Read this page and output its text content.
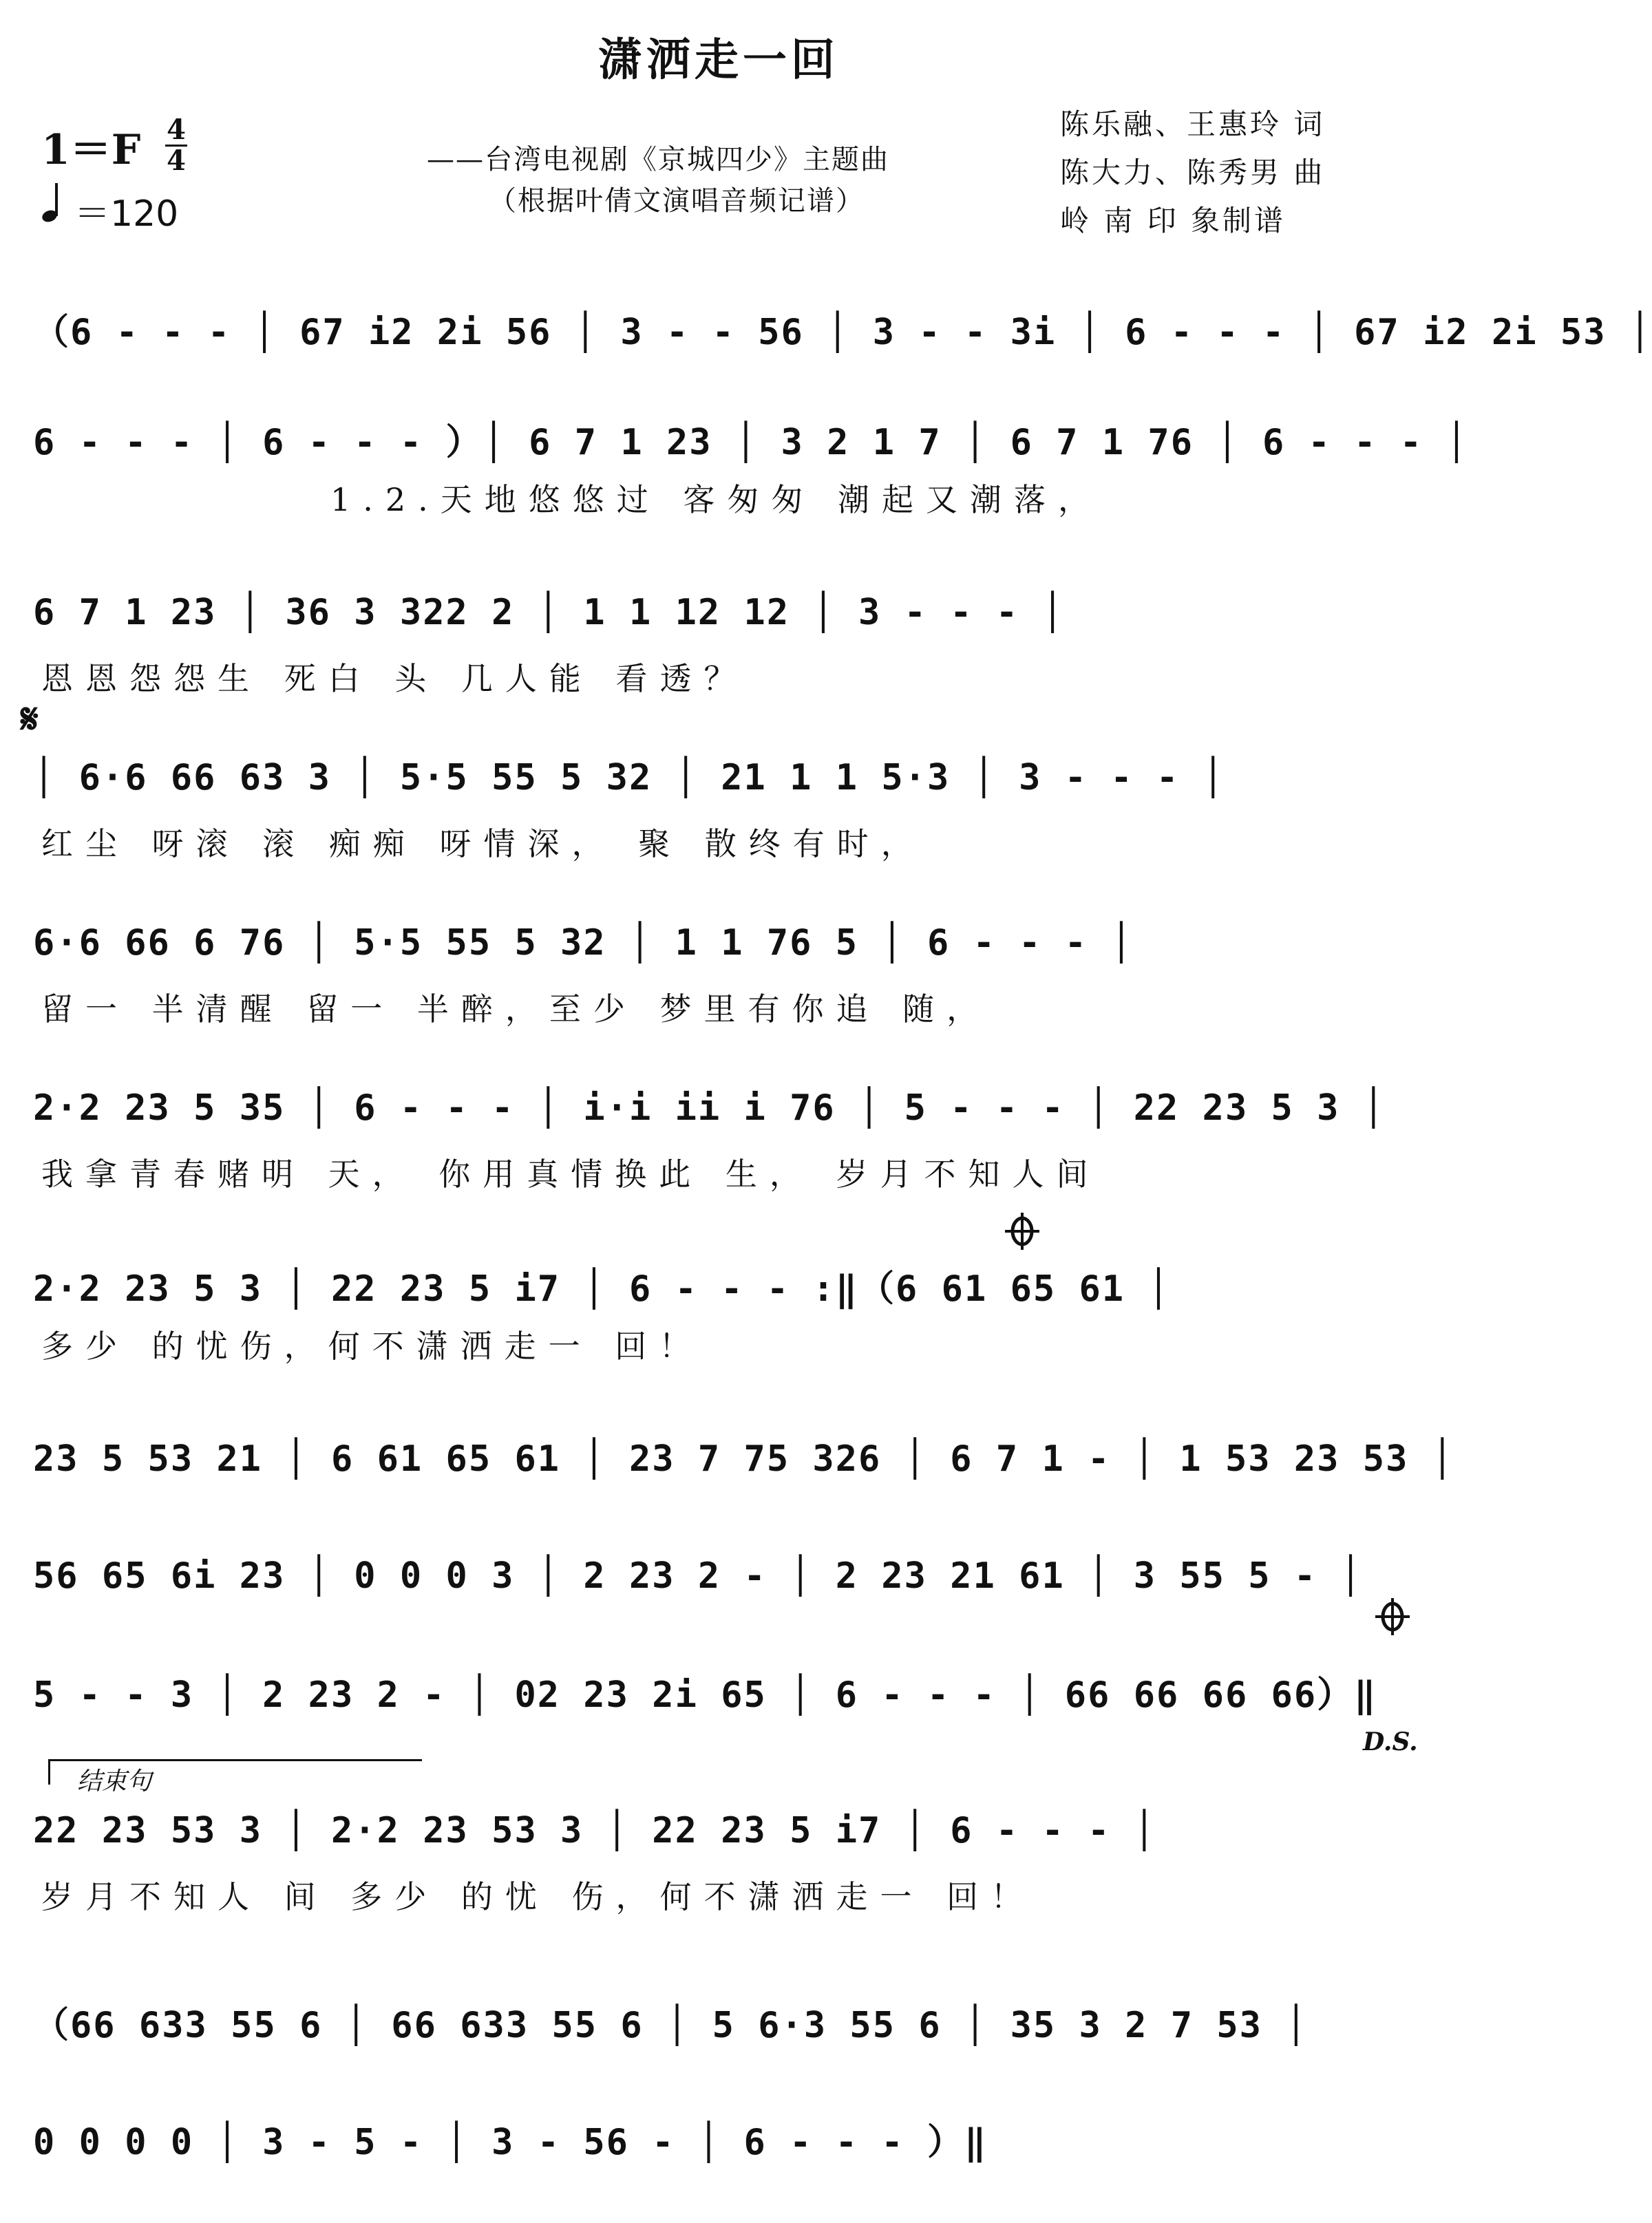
潇洒走一回
1＝F 4
4
＝120
——台湾电视剧《京城四少》主题曲
（根据叶倩文演唱音频记谱）
陈乐融、王惠玲 词
陈大力、陈秀男 曲
岭 南 印 象制谱
（6 - - - │ 67 i2 2i 56 │ 3 - - 56 │ 3 - - 3i │ 6 - - - │ 67 i2 2i 53 │
6 - - - │ 6 - - - ）│ 6 7 1 23 │ 3 2 1 7 │ 6 7 1 76 │ 6 - - - │
1.2.天地悠悠过 客匆匆 潮起又潮落，
6 7 1 23 │ 36 3 322 2 │ 1 1 12 12 │ 3 - - - │
恩恩怨怨生 死白 头 几人能 看透？
𝄋
│ 6·6 66 63 3 │ 5·5 55 5 32 │ 21 1 1 5·3 │ 3 - - - │
红尘 呀滚 滚 痴痴 呀情深， 聚 散终有时，
6·6 66 6 76 │ 5·5 55 5 32 │ 1 1 76 5 │ 6 - - - │
留一 半清醒 留一 半醉，至少 梦里有你追 随，
2·2 23 5 35 │ 6 - - - │ i·i ii i 76 │ 5 - - - │ 22 23 5 3 │
我拿青春赌明 天， 你用真情换此 生， 岁月不知人间
2·2 23 5 3 │ 22 23 5 i7 │ 6 - - - :‖（6 61 65 61 │
多少 的忧伤，何不潇洒走一 回！
23 5 53 21 │ 6 61 65 61 │ 23 7 75 326 │ 6 7 1 - │ 1 53 23 53 │
56 65 6i 23 │ 0 0 0 3 │ 2 23 2 - │ 2 23 21 61 │ 3 55 5 - │
5 - - 3 │ 2 23 2 - │ 02 23 2i 65 │ 6 - - - │ 66 66 66 66）‖
D.S.
结束句
22 23 53 3 │ 2·2 23 53 3 │ 22 23 5 i7 │ 6 - - - │
岁月不知人 间 多少 的忧 伤，何不潇洒走一 回！
（66 633 55 6 │ 66 633 55 6 │ 5 6·3 55 6 │ 35 3 2 7 53 │
0 0 0 0 │ 3 - 5 - │ 3 - 56 - │ 6 - - - ）‖
